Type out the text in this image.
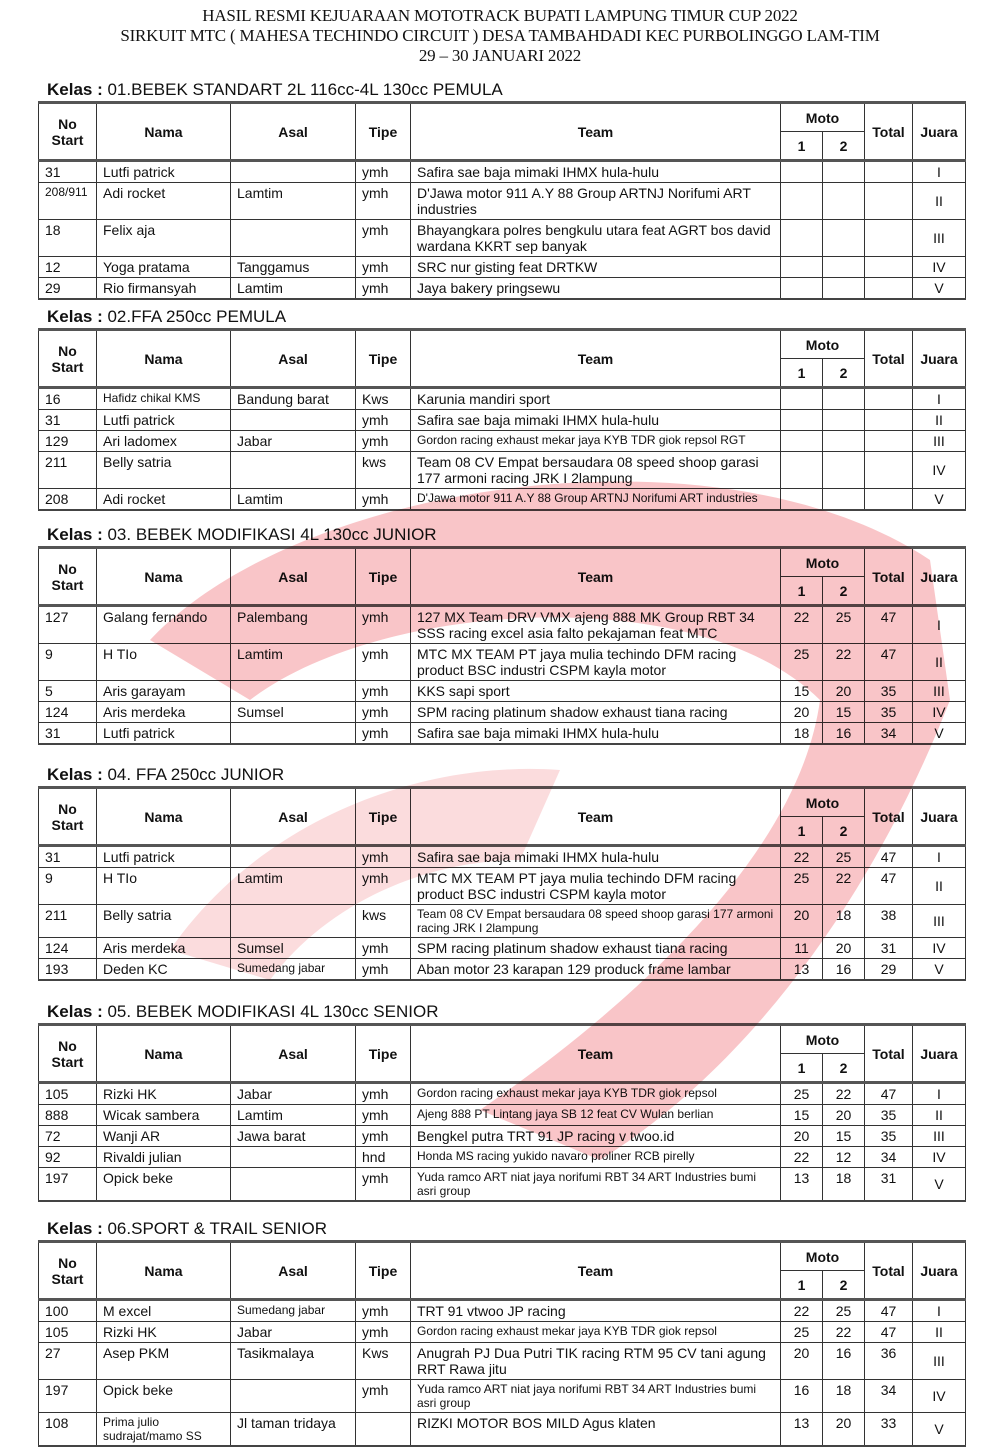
HASIL RESMI KEJUARAAN MOTOTRACK BUPATI LAMPUNG TIMUR CUP 2022
SIRKUIT MTC ( MAHESA TECHINDO CIRCUIT ) DESA TAMBAHDADI KEC PURBOLINGGO LAM-TIM
29 – 30 JANUARI 2022
Kelas : 01.BEBEK STANDART 2L 116cc-4L 130cc PEMULA
No Start	Nama	Asal	Tipe	Team	Moto		Total	Juara
					1	2		
31	Lutfi patrick		ymh	Safira sae baja mimaki IHMX hula-hulu				I
208/911	Adi rocket	Lamtim	ymh	D'Jawa motor 911 A.Y 88 Group ARTNJ Norifumi ART industries				II
18	Felix aja		ymh	Bhayangkara polres bengkulu utara feat AGRT bos david wardana KKRT sep banyak				III
12	Yoga pratama	Tanggamus	ymh	SRC nur gisting feat DRTKW				IV
29	Rio firmansyah	Lamtim	ymh	Jaya bakery pringsewu				V
Kelas : 02.FFA 250cc PEMULA
No Start	Nama	Asal	Tipe	Team	Moto		Total	Juara
					1	2		
16	Hafidz chikal KMS	Bandung barat	Kws	Karunia mandiri sport				I
31	Lutfi patrick		ymh	Safira sae baja mimaki IHMX hula-hulu				II
129	Ari ladomex	Jabar	ymh	Gordon racing exhaust mekar jaya KYB TDR giok repsol RGT				III
211	Belly satria		kws	Team 08 CV Empat bersaudara 08 speed shoop garasi 177 armoni racing JRK I 2lampung				IV
208	Adi rocket	Lamtim	ymh	D'Jawa motor 911 A.Y 88 Group ARTNJ Norifumi ART industries				V
Kelas : 03. BEBEK MODIFIKASI 4L 130cc JUNIOR
No Start	Nama	Asal	Tipe	Team	Moto		Total	Juara
					1	2		
127	Galang fernando	Palembang	ymh	127 MX Team DRV VMX ajeng 888 MK Group RBT 34 SSS racing excel asia falto pekajaman feat MTC	22	25	47	I
9	H TIo	Lamtim	ymh	MTC MX TEAM PT jaya mulia techindo DFM racing product BSC industri CSPM kayla motor	25	22	47	II
5	Aris garayam		ymh	KKS sapi sport	15	20	35	III
124	Aris merdeka	Sumsel	ymh	SPM racing platinum shadow exhaust tiana racing	20	15	35	IV
31	Lutfi patrick		ymh	Safira sae baja mimaki IHMX hula-hulu	18	16	34	V
Kelas : 04. FFA 250cc JUNIOR
No Start	Nama	Asal	Tipe	Team	Moto		Total	Juara
					1	2		
31	Lutfi patrick		ymh	Safira sae baja mimaki IHMX hula-hulu	22	25	47	I
9	H TIo	Lamtim	ymh	MTC MX TEAM PT jaya mulia techindo DFM racing product BSC industri CSPM kayla motor	25	22	47	II
211	Belly satria		kws	Team 08 CV Empat bersaudara 08 speed shoop garasi 177 armoni racing JRK I 2lampung	20	18	38	III
124	Aris merdeka	Sumsel	ymh	SPM racing platinum shadow exhaust tiana racing	11	20	31	IV
193	Deden KC	Sumedang jabar	ymh	Aban motor 23 karapan 129 produck frame lambar	13	16	29	V
Kelas : 05. BEBEK MODIFIKASI 4L 130cc SENIOR
No Start	Nama	Asal	Tipe	Team	Moto		Total	Juara
					1	2		
105	Rizki HK	Jabar	ymh	Gordon racing exhaust mekar jaya KYB TDR giok repsol	25	22	47	I
888	Wicak sambera	Lamtim	ymh	Ajeng 888 PT Lintang jaya SB 12 feat CV Wulan berlian	15	20	35	II
72	Wanji AR	Jawa barat	ymh	Bengkel putra TRT 91 JP racing v twoo.id	20	15	35	III
92	Rivaldi julian		hnd	Honda MS racing yukido navaro proliner RCB pirelly	22	12	34	IV
197	Opick beke		ymh	Yuda ramco ART niat jaya norifumi RBT 34 ART Industries bumi asri group	13	18	31	V
Kelas : 06.SPORT & TRAIL SENIOR
No Start	Nama	Asal	Tipe	Team	Moto		Total	Juara
					1	2		
100	M excel	Sumedang jabar	ymh	TRT 91 vtwoo JP racing	22	25	47	I
105	Rizki HK	Jabar	ymh	Gordon racing exhaust mekar jaya KYB TDR giok repsol	25	22	47	II
27	Asep PKM	Tasikmalaya	Kws	Anugrah PJ Dua Putri TIK racing RTM 95 CV tani agung RRT Rawa jitu	20	16	36	III
197	Opick beke		ymh	Yuda ramco ART niat jaya norifumi RBT 34 ART Industries bumi asri group	16	18	34	IV
108	Prima julio sudrajat/mamo SS	Jl taman tridaya		RIZKI MOTOR BOS MILD Agus klaten	13	20	33	V
